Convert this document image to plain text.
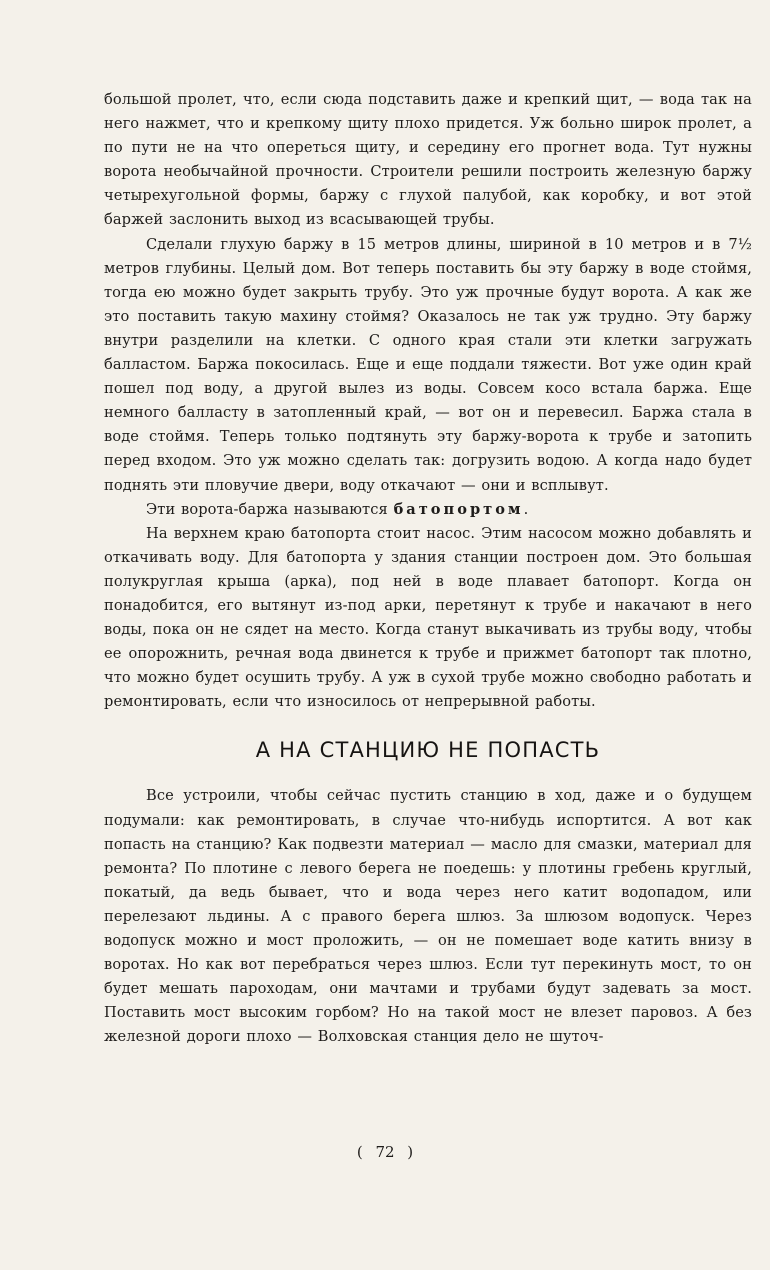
большой пролет, что, если сюда подставить даже и крепкий щит, — вода так на него нажмет, что и крепкому щиту плохо придется. Уж больно широк пролет, а по пути не на что опереться щиту, и середину его прогнет вода. Тут нужны ворота необычайной прочности. Строители решили построить железную баржу четырехугольной формы, баржу с глухой палубой, как коробку, и вот этой баржей заслонить выход из всасывающей трубы.

Сделали глухую баржу в 15 метров длины, шириной в 10 метров и в 7½ метров глубины. Целый дом. Вот теперь поставить бы эту баржу в воде стоймя, тогда ею можно будет закрыть трубу. Это уж прочные будут ворота. А как же это поставить такую махину стоймя? Оказалось не так уж трудно. Эту баржу внутри разделили на клетки. С одного края стали эти клетки загружать балластом. Баржа покосилась. Еще и еще поддали тяжести. Вот уже один край пошел под воду, а другой вылез из воды. Совсем косо встала баржа. Еще немного балласту в затопленный край, — вот он и перевесил. Баржа стала в воде стоймя. Теперь только подтянуть эту баржу-ворота к трубе и затопить перед входом. Это уж можно сделать так: догрузить водою. А когда надо будет поднять эти пловучие двери, воду откачают — они и всплывут.

Эти ворота-баржа называются батопортом.

На верхнем краю батопорта стоит насос. Этим насосом можно добавлять и откачивать воду. Для батопорта у здания станции построен дом. Это большая полукруглая крыша (арка), под ней в воде плавает батопорт. Когда он понадобится, его вытянут из-под арки, перетянут к трубе и накачают в него воды, пока он не сядет на место. Когда станут выкачивать из трубы воду, чтобы ее опорожнить, речная вода двинется к трубе и прижмет батопорт так плотно, что можно будет осушить трубу. А уж в сухой трубе можно свободно работать и ремонтировать, если что износилось от непрерывной работы.

А НА СТАНЦИЮ НЕ ПОПАСТЬ

Все устроили, чтобы сейчас пустить станцию в ход, даже и о будущем подумали: как ремонтировать, в случае что-нибудь испортится. А вот как попасть на станцию? Как подвезти материал — масло для смазки, материал для ремонта? По плотине с левого берега не поедешь: у плотины гребень круглый, покатый, да ведь бывает, что и вода через него катит водопадом, или перелезают льдины. А с правого берега шлюз. За шлюзом водопуск. Через водопуск можно и мост проложить, — он не помешает воде катить внизу в воротах. Но как вот перебраться через шлюз. Если тут перекинуть мост, то он будет мешать пароходам, они мачтами и трубами будут задевать за мост. Поставить мост высоким горбом? Но на такой мост не влезет паровоз. А без железной дороги плохо — Волховская станция дело не шуточ-

( 72 )
